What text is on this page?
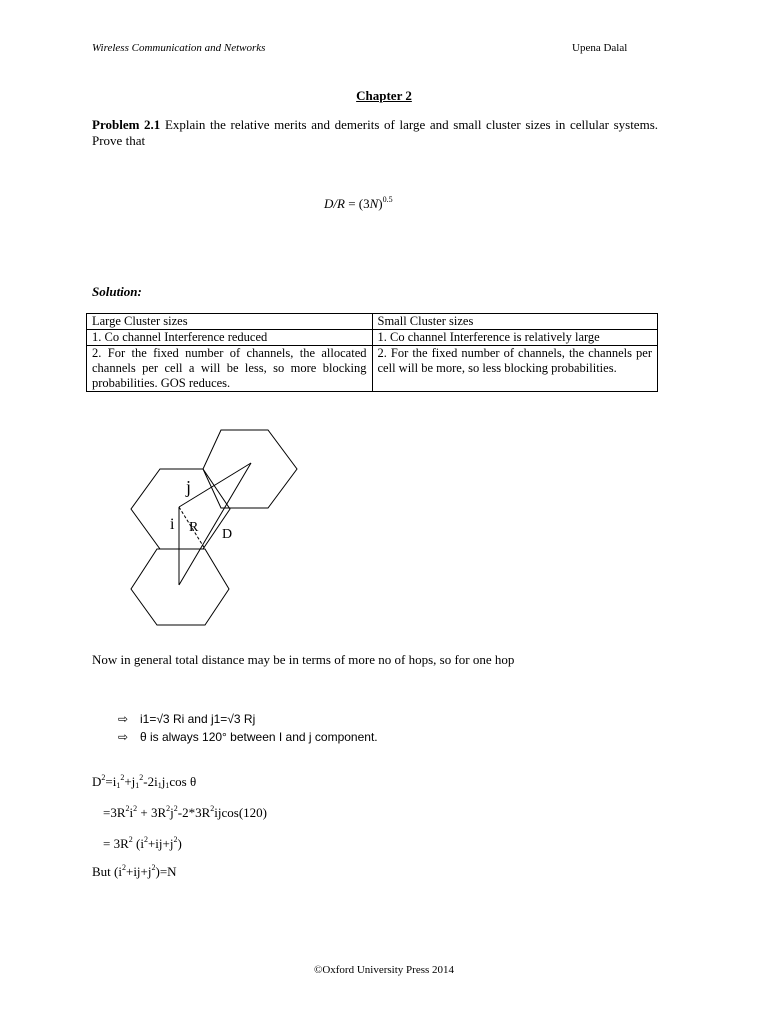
Wireless Communication and Networks	Upena Dalal
Chapter 2
Problem 2.1 Explain the relative merits and demerits of large and small cluster sizes in cellular systems. Prove that
$D/R = (3N)^{0.5}$
Solution:
Large Cluster sizes	Small Cluster sizes
1. Co channel Interference reduced	1. Co channel Interference is relatively large
2. For the fixed number of channels, the allocated channels per cell a will be less, so more blocking probabilities. GOS reduces.	2. For the fixed number of channels, the channels per cell will be more, so less blocking probabilities.
j
i R D
Now in general total distance may be in terms of more no of hops, so for one hop
⇨ i1=√3 Ri and j1=√3 Rj
⇨ θ is always 120° between I and j component.
$D^2=i_1^2+j_1^2-2i_1j_1\cos$ θ
$=3R^2i^2 + 3R^2j^2-2*3R^2ijcos(120)$
= $3R^2$ $(i^2+ij+j^2)$
But $(i^2+ij+j^2)=N$
©Oxford University Press 2014
